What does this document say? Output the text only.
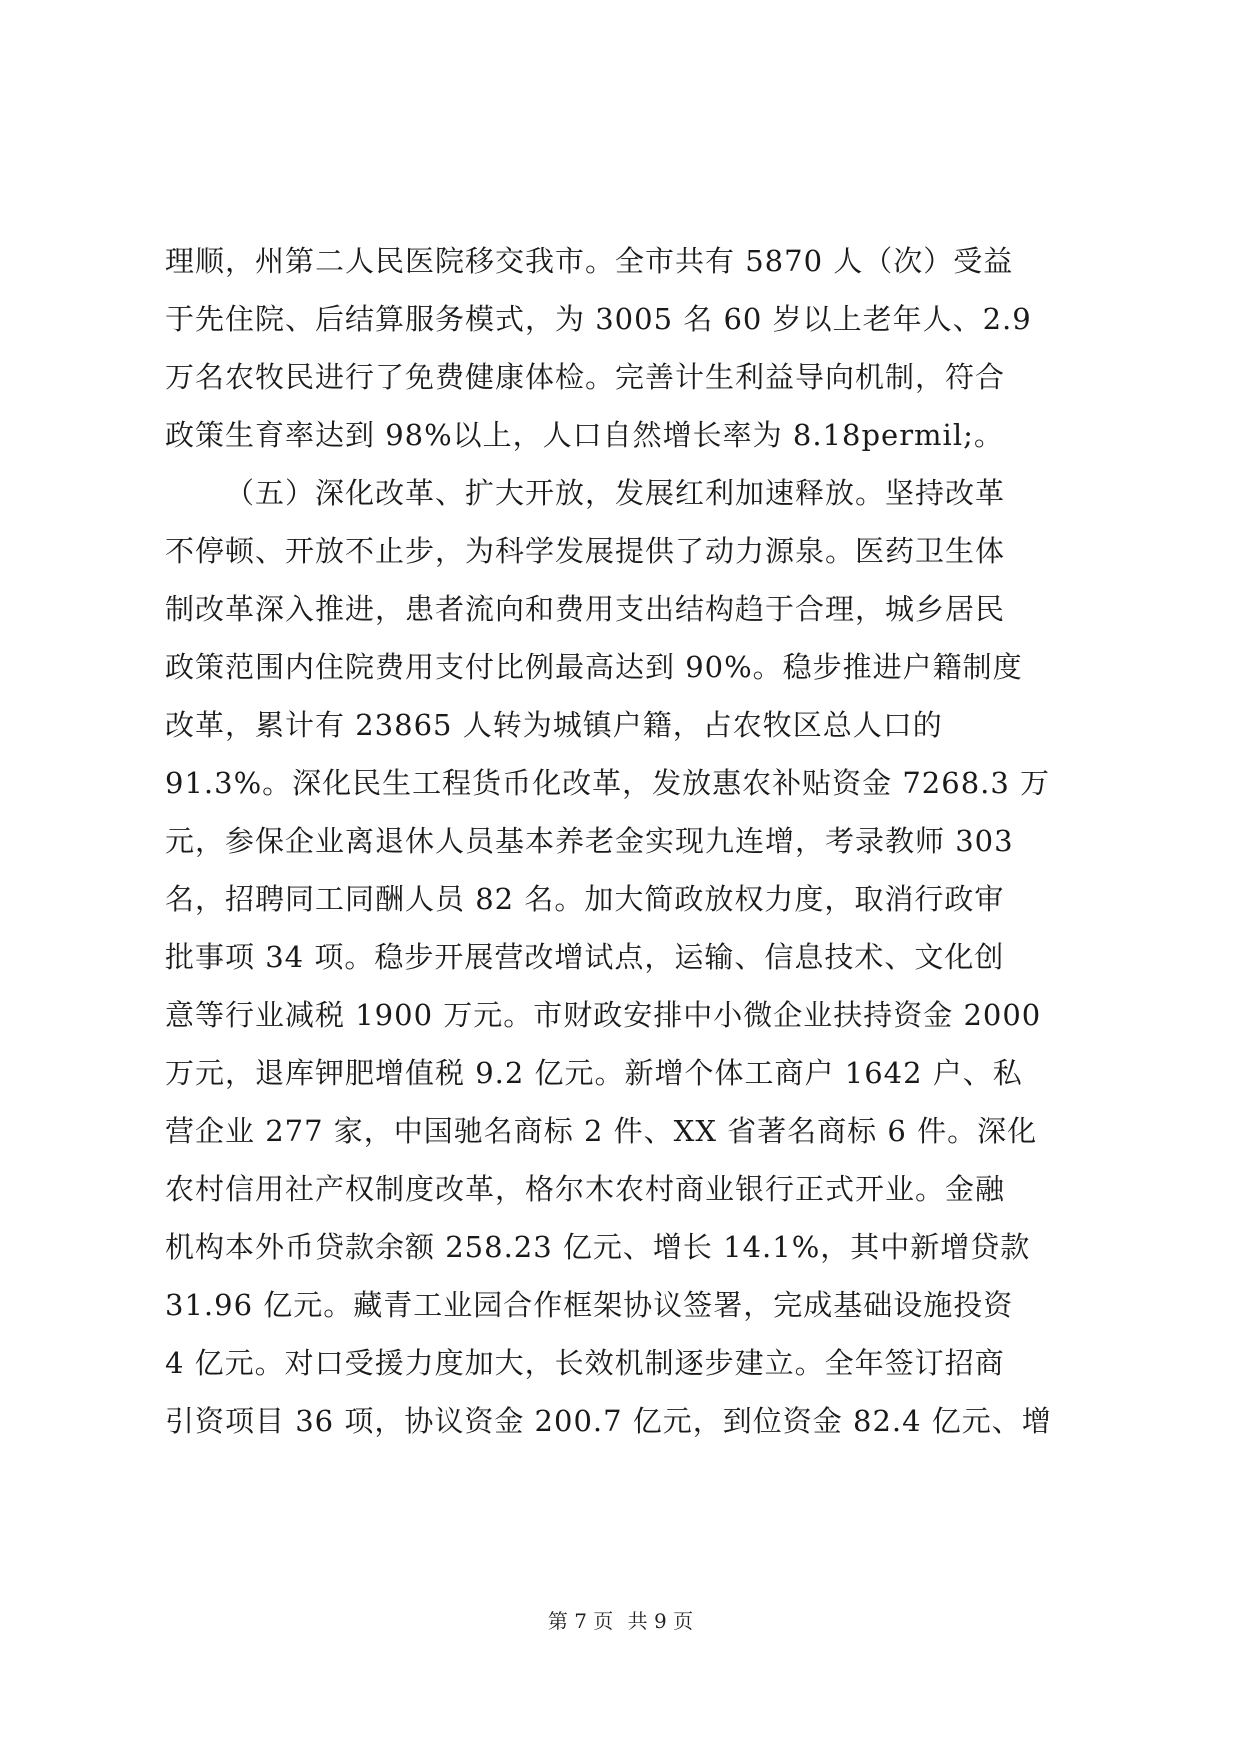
理顺，州第二人民医院移交我市。全市共有 5870 人（次）受益
于先住院、后结算服务模式，为 3005 名 60 岁以上老年人、2.9
万名农牧民进行了免费健康体检。完善计生利益导向机制，符合
政策生育率达到 98%以上，人口自然增长率为 8.18permil;。
（五）深化改革、扩大开放，发展红利加速释放。坚持改革
不停顿、开放不止步，为科学发展提供了动力源泉。医药卫生体
制改革深入推进，患者流向和费用支出结构趋于合理，城乡居民
政策范围内住院费用支付比例最高达到 90%。稳步推进户籍制度
改革，累计有 23865 人转为城镇户籍，占农牧区总人口的
91.3%。深化民生工程货币化改革，发放惠农补贴资金 7268.3 万
元，参保企业离退休人员基本养老金实现九连增，考录教师 303
名，招聘同工同酬人员 82 名。加大简政放权力度，取消行政审
批事项 34 项。稳步开展营改增试点，运输、信息技术、文化创
意等行业减税 1900 万元。市财政安排中小微企业扶持资金 2000
万元，退库钾肥增值税 9.2 亿元。新增个体工商户 1642 户、私
营企业 277 家，中国驰名商标 2 件、XX 省著名商标 6 件。深化
农村信用社产权制度改革，格尔木农村商业银行正式开业。金融
机构本外币贷款余额 258.23 亿元、增长 14.1%，其中新增贷款
31.96 亿元。藏青工业园合作框架协议签署，完成基础设施投资
4 亿元。对口受援力度加大，长效机制逐步建立。全年签订招商
引资项目 36 项，协议资金 200.7 亿元，到位资金 82.4 亿元、增
第 7 页 共 9 页
